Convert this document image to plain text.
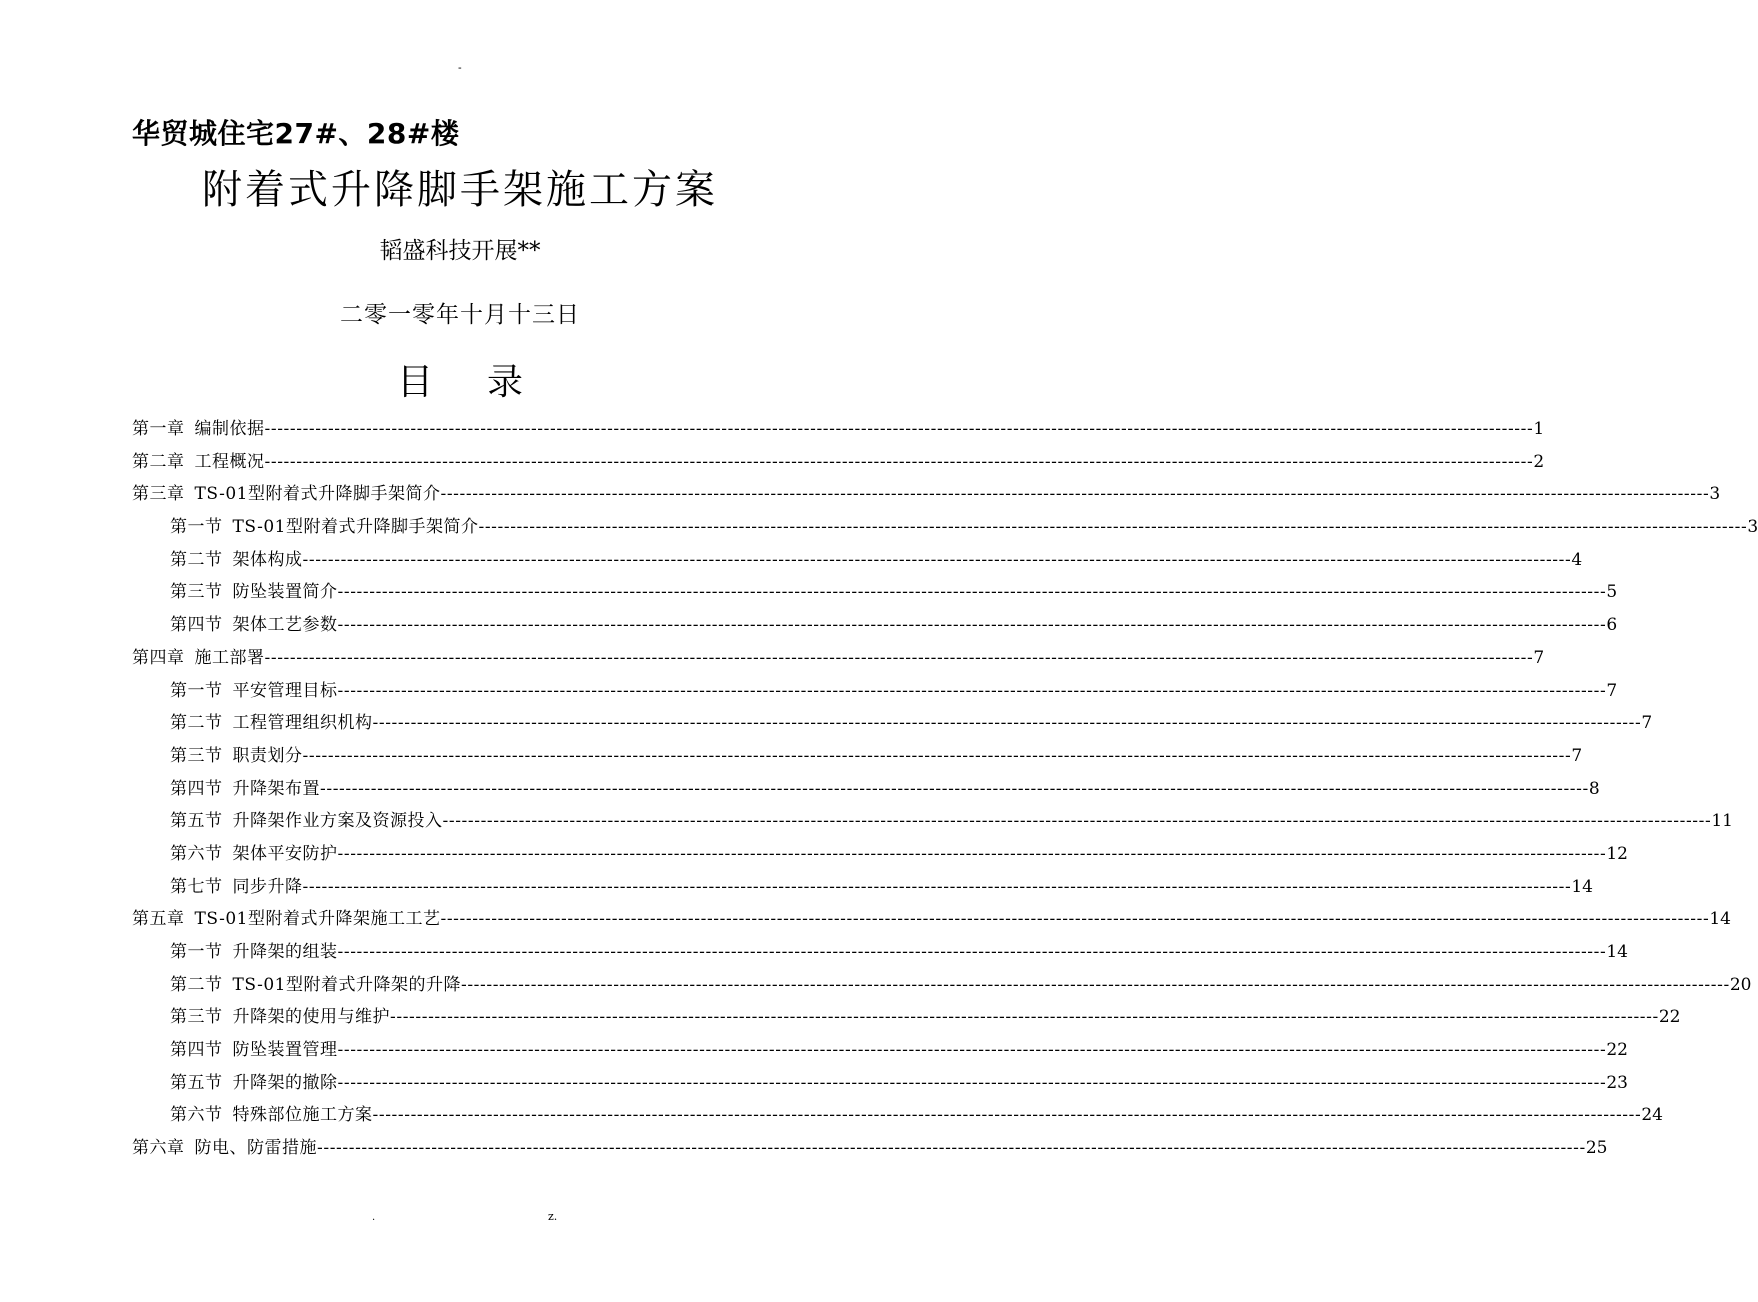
-
华贸城住宅27#、28#楼
附着式升降脚手架施工方案
韬盛科技开展**
二零一零年十月十三日
目 录
第一章 编制依据 -------------------------------------------------------------------------------------------------------------------------------------------------------------------------------------------------------- 1
第二章 工程概况 -------------------------------------------------------------------------------------------------------------------------------------------------------------------------------------------------------- 2
第三章 TS-01型附着式升降脚手架简介 -------------------------------------------------------------------------------------------------------------------------------------------------------------------------------------------------------- 3
第一节 TS-01型附着式升降脚手架简介 -------------------------------------------------------------------------------------------------------------------------------------------------------------------------------------------------------- 3
第二节 架体构成 -------------------------------------------------------------------------------------------------------------------------------------------------------------------------------------------------------- 4
第三节 防坠装置简介 -------------------------------------------------------------------------------------------------------------------------------------------------------------------------------------------------------- 5
第四节 架体工艺参数 -------------------------------------------------------------------------------------------------------------------------------------------------------------------------------------------------------- 6
第四章 施工部署 -------------------------------------------------------------------------------------------------------------------------------------------------------------------------------------------------------- 7
第一节 平安管理目标 -------------------------------------------------------------------------------------------------------------------------------------------------------------------------------------------------------- 7
第二节 工程管理组织机构 -------------------------------------------------------------------------------------------------------------------------------------------------------------------------------------------------------- 7
第三节 职责划分 -------------------------------------------------------------------------------------------------------------------------------------------------------------------------------------------------------- 7
第四节 升降架布置 -------------------------------------------------------------------------------------------------------------------------------------------------------------------------------------------------------- 8
第五节 升降架作业方案及资源投入 -------------------------------------------------------------------------------------------------------------------------------------------------------------------------------------------------------- 11
第六节 架体平安防护 -------------------------------------------------------------------------------------------------------------------------------------------------------------------------------------------------------- 12
第七节 同步升降 -------------------------------------------------------------------------------------------------------------------------------------------------------------------------------------------------------- 14
第五章 TS-01型附着式升降架施工工艺 -------------------------------------------------------------------------------------------------------------------------------------------------------------------------------------------------------- 14
第一节 升降架的组装 -------------------------------------------------------------------------------------------------------------------------------------------------------------------------------------------------------- 14
第二节 TS-01型附着式升降架的升降 -------------------------------------------------------------------------------------------------------------------------------------------------------------------------------------------------------- 20
第三节 升降架的使用与维护 -------------------------------------------------------------------------------------------------------------------------------------------------------------------------------------------------------- 22
第四节 防坠装置管理 -------------------------------------------------------------------------------------------------------------------------------------------------------------------------------------------------------- 22
第五节 升降架的撤除 -------------------------------------------------------------------------------------------------------------------------------------------------------------------------------------------------------- 23
第六节 特殊部位施工方案 -------------------------------------------------------------------------------------------------------------------------------------------------------------------------------------------------------- 24
第六章 防电、防雷措施 -------------------------------------------------------------------------------------------------------------------------------------------------------------------------------------------------------- 25
.	z.
